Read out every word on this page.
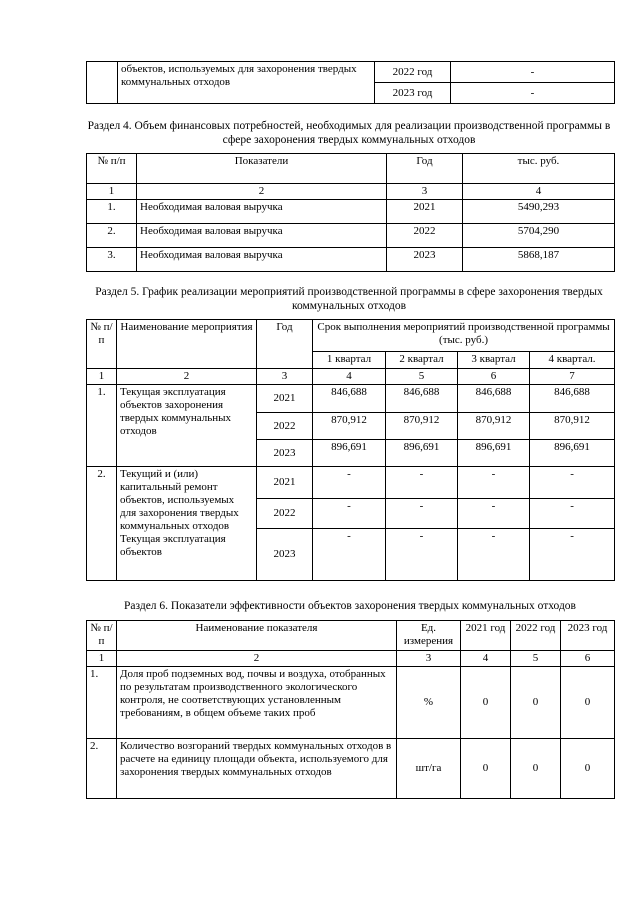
	объектов, используемых для захоронения твердых коммунальных отходов	2022 год	-
		2023 год	-
Раздел 4. Объем финансовых потребностей, необходимых для реализации производственной программы в сфере захоронения твердых коммунальных отходов
№ п/п	Показатели	Год	тыс. руб.
1	2	3	4
1.	Необходимая валовая выручка	2021	5490,293
2.	Необходимая валовая выручка	2022	5704,290
3.	Необходимая валовая выручка	2023	5868,187
Раздел 5. График реализации мероприятий производственной программы в сфере захоронения твердых коммунальных отходов
№ п/п	Наименование мероприятия	Год	Срок выполнения мероприятий производственной программы (тыс. руб.)			
			1 квартал	2 квартал	3 квартал	4 квартал.
1	2	3	4	5	6	7
1.	Текущая эксплуатация объектов захоронения твердых коммунальных отходов	2021	846,688	846,688	846,688	846,688
		2022	870,912	870,912	870,912	870,912
		2023	896,691	896,691	896,691	896,691
2.	Текущий и (или) капитальный ремонт объектов, используемых для захоронения твердых коммунальных отходов Текущая эксплуатация объектов	2021	-	-	-	-
		2022	-	-	-	-
		2023	-	-	-	-
Раздел 6. Показатели эффективности объектов захоронения твердых коммунальных отходов
№ п/п	Наименование показателя	Ед. измерения	2021 год	2022 год	2023 год
1	2	3	4	5	6
1.	Доля проб подземных вод, почвы и воздуха, отобранных по результатам производственного экологического контроля, не соответствующих установленным требованиям, в общем объеме таких проб	%	0	0	0
2.	Количество возгораний твердых коммунальных отходов в расчете на единицу площади объекта, используемого для захоронения твердых коммунальных отходов	шт/га	0	0	0
